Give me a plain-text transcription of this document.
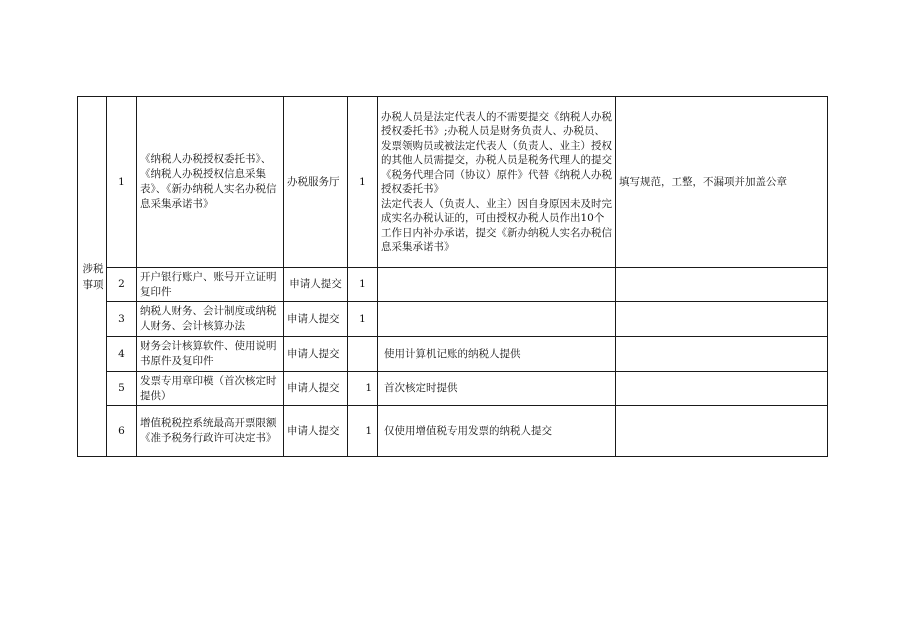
涉税事项	1	《纳税人办税授权委托书》、《纳税人办税授权信息采集表》、《新办纳税人实名办税信息采集承诺书》	办税服务厅	1	办税人员是法定代表人的不需要提交《纳税人办税授权委托书》;办税人员是财务负责人、办税员、发票领购员或被法定代表人（负责人、业主）授权的其他人员需提交，办税人员是税务代理人的提交《税务代理合同（协议）原件》代替《纳税人办税授权委托书》
法定代表人（负责人、业主）因自身原因未及时完成实名办税认证的，可由授权办税人员作出10个工作日内补办承诺，提交《新办纳税人实名办税信息采集承诺书》	填写规范，工整，不漏项并加盖公章
	2	开户银行账户、账号开立证明复印件	申请人提交	1		
	3	纳税人财务、会计制度或纳税人财务、会计核算办法	申请人提交	1		
	4	财务会计核算软件、使用说明书原件及复印件	申请人提交		使用计算机记账的纳税人提供	
	5	发票专用章印模（首次核定时提供）	申请人提交	1	首次核定时提供	
	6	增值税税控系统最高开票限额《准予税务行政许可决定书》	申请人提交	1	仅使用增值税专用发票的纳税人提交	
